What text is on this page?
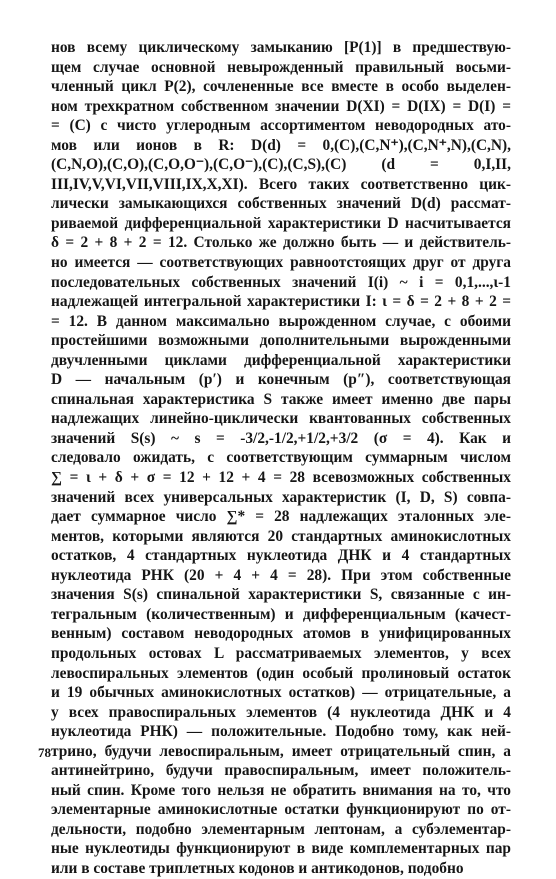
нов всему циклическому замыканию [P(1)] в предшествую-
щем случае основной невырожденный правильный восьми-
членный цикл P(2), сочлененные все вместе в особо выделен-
ном трехкратном собственном значении D(XI) = D(IX) = D(I) =
= (C) с чисто углеродным ассортиментом неводородных ато-
мов или ионов в R: D(d) = 0,(C),(C,N⁺),(C,N⁺,N),(C,N),
(C,N,O),(C,O),(C,O,O⁻),(C,O⁻),(C),(C,S),(C) (d = 0,I,II,
III,IV,V,VI,VII,VIII,IX,X,XI). Всего таких соответственно цик-
лически замыкающихся собственных значений D(d) рассмат-
риваемой дифференциальной характеристики D насчитывается
δ = 2 + 8 + 2 = 12. Столько же должно быть — и действитель-
но имеется — соответствующих равноотстоящих друг от друга
последовательных собственных значений I(i) ~ i = 0,1,...,ι-1
надлежащей интегральной характеристики I: ι = δ = 2 + 8 + 2 =
= 12. В данном максимально вырожденном случае, с обоими
простейшими возможными дополнительными вырожденными
двучленными циклами дифференциальной характеристики
D — начальным (p′) и конечным (p″), соответствующая
спинальная характеристика S также имеет именно две пары
надлежащих линейно-циклически квантованных собственных
значений S(s) ~ s = -3/2,-1/2,+1/2,+3/2 (σ = 4). Как и
следовало ожидать, с соответствующим суммарным числом
∑ = ι + δ + σ = 12 + 12 + 4 = 28 всевозможных собственных
значений всех универсальных характеристик (I, D, S) совпа-
дает суммарное число ∑* = 28 надлежащих эталонных эле-
ментов, которыми являются 20 стандартных аминокислотных
остатков, 4 стандартных нуклеотида ДНК и 4 стандартных
нуклеотида РНК (20 + 4 + 4 = 28). При этом собственные
значения S(s) спинальной характеристики S, связанные с ин-
тегральным (количественным) и дифференциальным (качест-
венным) составом неводородных атомов в унифицированных
продольных остовах L рассматриваемых элементов, у всех
левоспиральных элементов (один особый пролиновый остаток
и 19 обычных аминокислотных остатков) — отрицательные, а
у всех правоспиральных элементов (4 нуклеотида ДНК и 4
нуклеотида РНК) — положительные. Подобно тому, как ней-
трино, будучи левоспиральным, имеет отрицательный спин, а
антинейтрино, будучи правоспиральным, имеет положитель-
ный спин. Кроме того нельзя не обратить внимания на то, что
элементарные аминокислотные остатки функционируют по от-
дельности, подобно элементарным лептонам, а субэлементар-
ные нуклеотиды функционируют в виде комплементарных пар
или в составе триплетных кодонов и антикодонов, подобно
78
